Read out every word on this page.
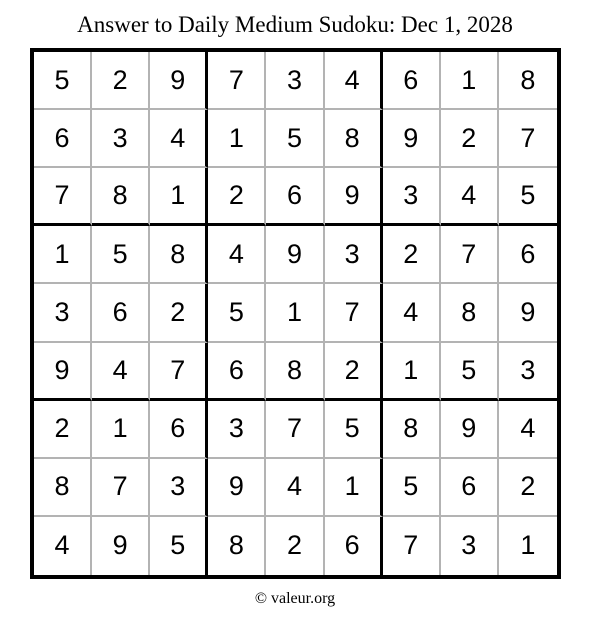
Answer to Daily Medium Sudoku: Dec 1, 2028
5	2	9	7	3	4	6	1	8
6	3	4	1	5	8	9	2	7
7	8	1	2	6	9	3	4	5
1	5	8	4	9	3	2	7	6
3	6	2	5	1	7	4	8	9
9	4	7	6	8	2	1	5	3
2	1	6	3	7	5	8	9	4
8	7	3	9	4	1	5	6	2
4	9	5	8	2	6	7	3	1
© valeur.org
